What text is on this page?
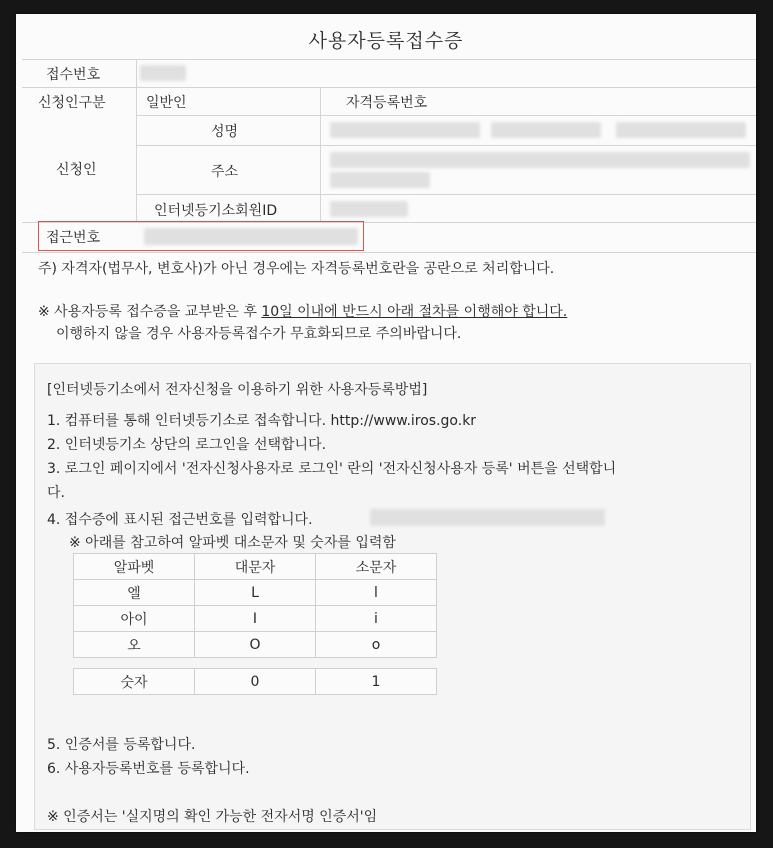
사용자등록접수증
접수번호
신청인구분	일반인	자격등록번호
신청인
성명
주소
인터넷등기소회원ID
접근번호
주) 자격자(법무사, 변호사)가 아닌 경우에는 자격등록번호란을 공란으로 처리합니다.
※ 사용자등록 접수증을 교부받은 후 10일 이내에 반드시 아래 절차를 이행해야 합니다.
이행하지 않을 경우 사용자등록접수가 무효화되므로 주의바랍니다.
[인터넷등기소에서 전자신청을 이용하기 위한 사용자등록방법]
1. 컴퓨터를 통해 인터넷등기소로 접속합니다. http://www.iros.go.kr
2. 인터넷등기소 상단의 로그인을 선택합니다.
3. 로그인 페이지에서 '전자신청사용자로 로그인' 란의 '전자신청사용자 등록' 버튼을 선택합니
다.
4. 접수증에 표시된 접근번호를 입력합니다.
※ 아래를 참고하여 알파벳 대소문자 및 숫자를 입력함
알파벳	대문자	소문자
엘	L	l
아이	I	i
오	O	o
숫자	0	1
5. 인증서를 등록합니다.
6. 사용자등록번호를 등록합니다.
※ 인증서는 '실지명의 확인 가능한 전자서명 인증서'임
